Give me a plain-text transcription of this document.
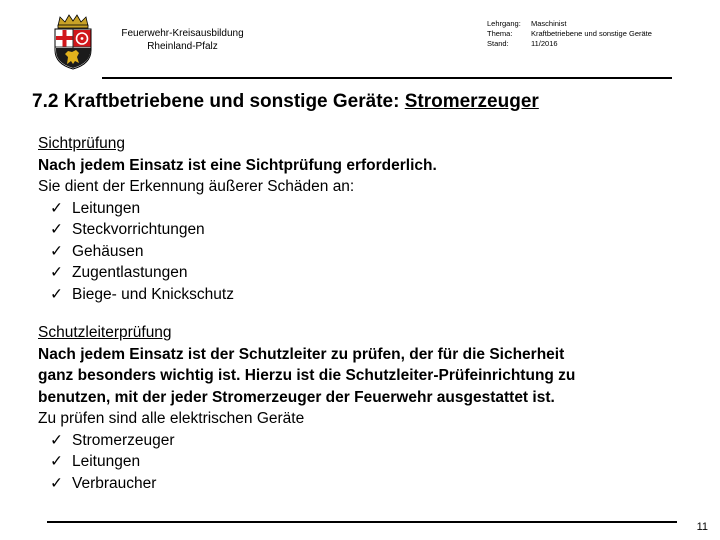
Feuerwehr-Kreisausbildung
Rheinland-Pfalz
Lehrgang:	Maschinist
Thema:	Kraftbetriebene und sonstige Geräte
Stand:	11/2016
7.2 Kraftbetriebene und sonstige Geräte: Stromerzeuger
Sichtprüfung
Nach jedem Einsatz ist eine Sichtprüfung erforderlich.
Sie dient der Erkennung äußerer Schäden an:
✓ Leitungen
✓ Steckvorrichtungen
✓ Gehäusen
✓ Zugentlastungen
✓ Biege- und Knickschutz
Schutzleiterprüfung
Nach jedem Einsatz ist der Schutzleiter zu prüfen, der für die Sicherheit
ganz besonders wichtig ist. Hierzu ist die Schutzleiter-Prüfeinrichtung zu
benutzen, mit der jeder Stromerzeuger der Feuerwehr ausgestattet ist.
Zu prüfen sind alle elektrischen Geräte
✓ Stromerzeuger
✓ Leitungen
✓ Verbraucher
11
